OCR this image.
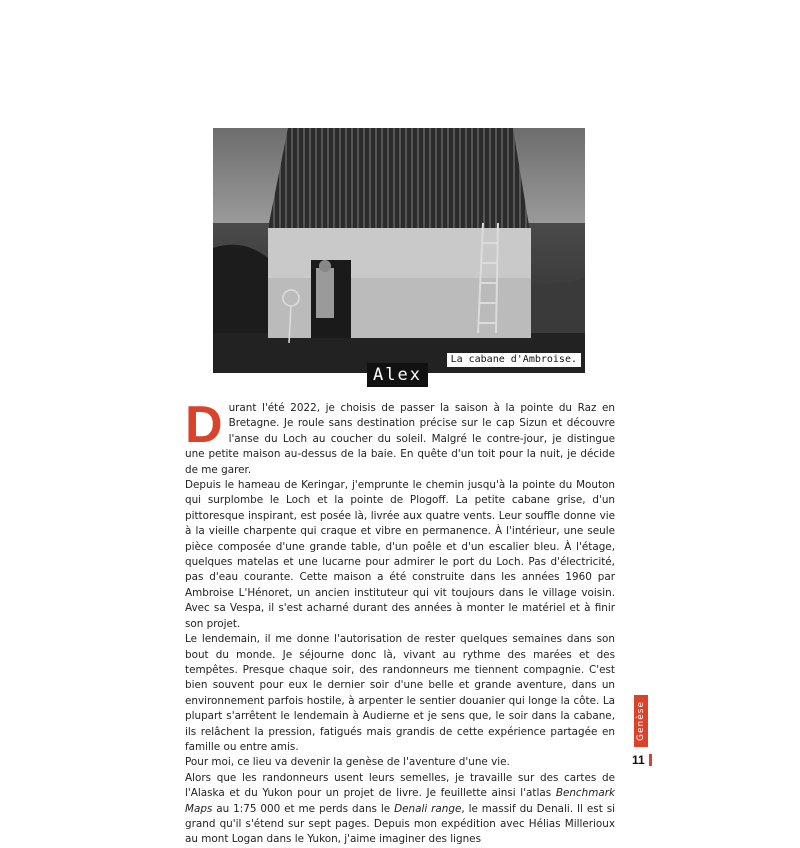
La cabane d'Ambroise.
Alex

Durant l'été 2022, je choisis de passer la saison à la pointe du Raz en Bretagne. Je roule sans destination précise sur le cap Sizun et découvre l'anse du Loch au coucher du soleil. Malgré le contre-jour, je distingue une petite maison au-dessus de la baie. En quête d'un toit pour la nuit, je décide de me garer.

Depuis le hameau de Keringar, j'emprunte le chemin jusqu'à la pointe du Mouton qui surplombe le Loch et la pointe de Plogoff. La petite cabane grise, d'un pittoresque inspirant, est posée là, livrée aux quatre vents. Leur souffle donne vie à la vieille charpente qui craque et vibre en permanence. À l'intérieur, une seule pièce composée d'une grande table, d'un poêle et d'un escalier bleu. À l'étage, quelques matelas et une lucarne pour admirer le port du Loch. Pas d'électricité, pas d'eau courante. Cette maison a été construite dans les années 1960 par Ambroise L'Hénoret, un ancien instituteur qui vit toujours dans le village voisin. Avec sa Vespa, il s'est acharné durant des années à monter le matériel et à finir son projet.

Le lendemain, il me donne l'autorisation de rester quelques semaines dans son bout du monde. Je séjourne donc là, vivant au rythme des marées et des tempêtes. Presque chaque soir, des randonneurs me tiennent compagnie. C'est bien souvent pour eux le dernier soir d'une belle et grande aventure, dans un environnement parfois hostile, à arpenter le sentier douanier qui longe la côte. La plupart s'arrêtent le lendemain à Audierne et je sens que, le soir dans la cabane, ils relâchent la pression, fatigués mais grandis de cette expérience partagée en famille ou entre amis.

Pour moi, ce lieu va devenir la genèse de l'aventure d'une vie.

Alors que les randonneurs usent leurs semelles, je travaille sur des cartes de l'Alaska et du Yukon pour un projet de livre. Je feuillette ainsi l'atlas Benchmark Maps au 1:75 000 et me perds dans le Denali range, le massif du Denali. Il est si grand qu'il s'étend sur sept pages. Depuis mon expédition avec Hélias Millerioux au mont Logan dans le Yukon, j'aime imaginer des lignes

Genèse
11
